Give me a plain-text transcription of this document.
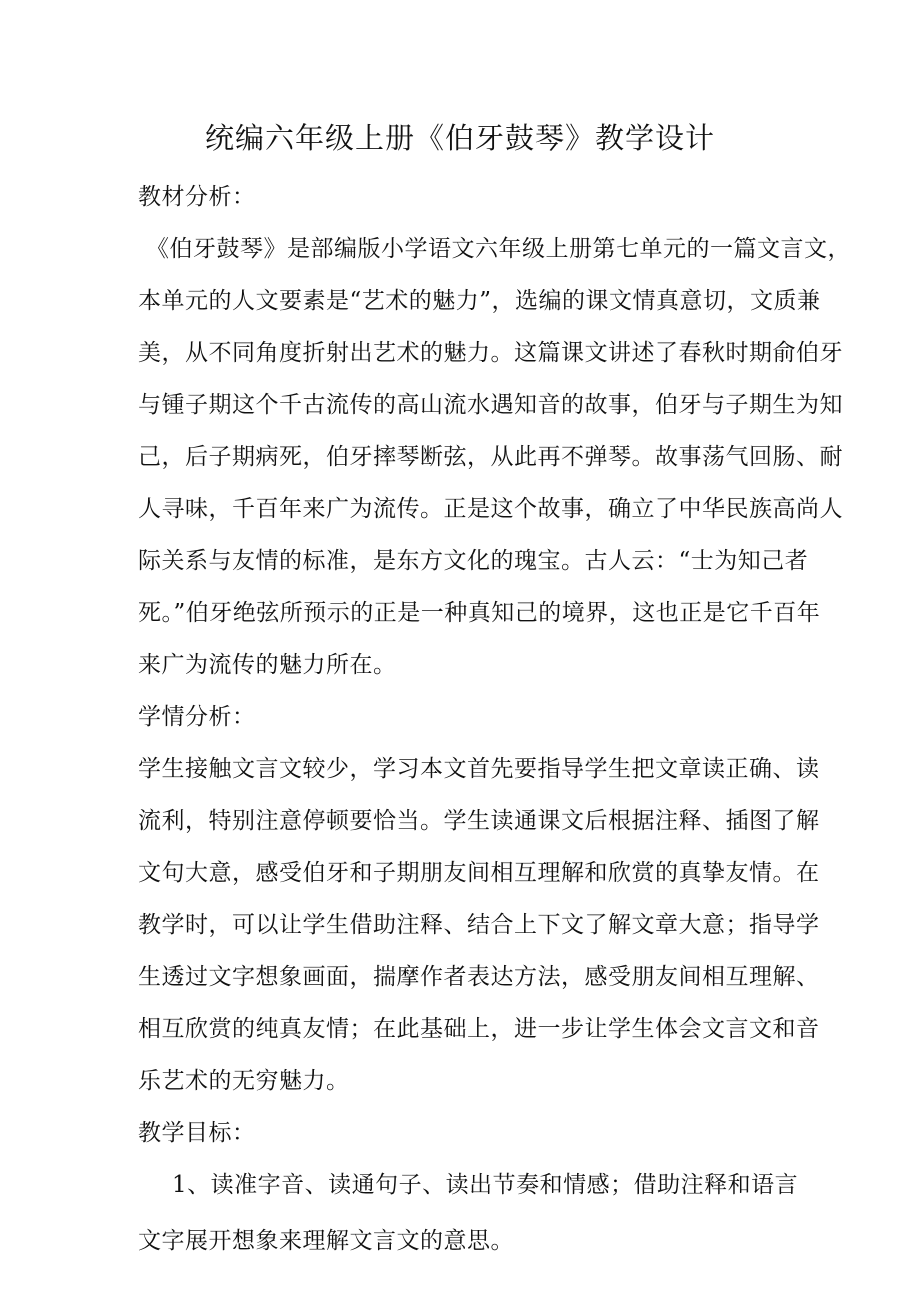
统编六年级上册《伯牙鼓琴》教学设计

教材分析：

《伯牙鼓琴》是部编版小学语文六年级上册第七单元的一篇文言文，

本单元的人文要素是“艺术的魅力”，选编的课文情真意切，文质兼

美，从不同角度折射出艺术的魅力。这篇课文讲述了春秋时期俞伯牙

与锺子期这个千古流传的高山流水遇知音的故事，伯牙与子期生为知

己，后子期病死，伯牙摔琴断弦，从此再不弹琴。故事荡气回肠、耐

人寻味，千百年来广为流传。正是这个故事，确立了中华民族高尚人

际关系与友情的标准，是东方文化的瑰宝。古人云：“士为知己者

死。”伯牙绝弦所预示的正是一种真知己的境界，这也正是它千百年

来广为流传的魅力所在。

学情分析：

学生接触文言文较少，学习本文首先要指导学生把文章读正确、读

流利，特别注意停顿要恰当。学生读通课文后根据注释、插图了解

文句大意，感受伯牙和子期朋友间相互理解和欣赏的真挚友情。在

教学时，可以让学生借助注释、结合上下文了解文章大意；指导学

生透过文字想象画面，揣摩作者表达方法，感受朋友间相互理解、

相互欣赏的纯真友情；在此基础上，进一步让学生体会文言文和音

乐艺术的无穷魅力。

教学目标：

1、读准字音、读通句子、读出节奏和情感；借助注释和语言

文字展开想象来理解文言文的意思。
